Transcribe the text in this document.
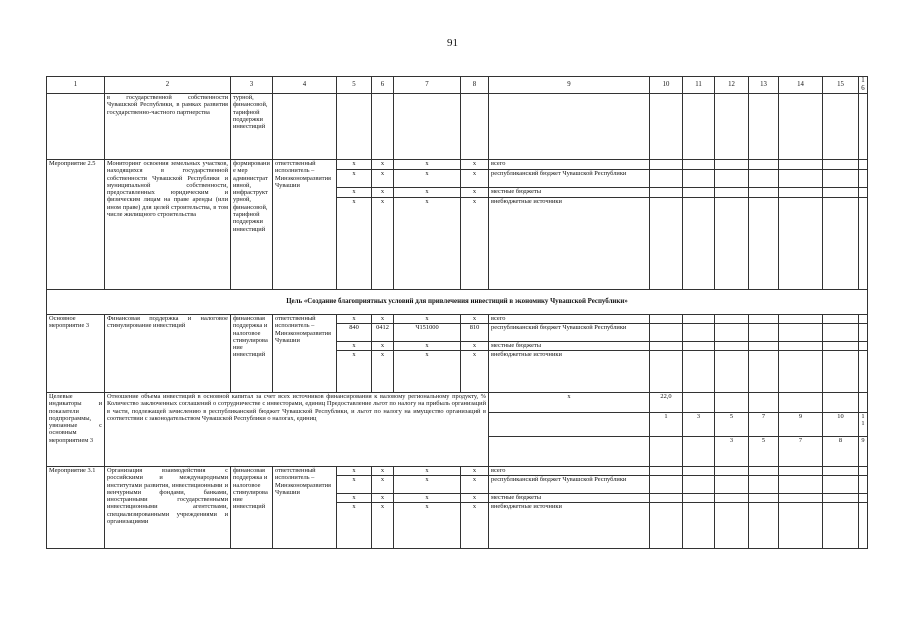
91
1	2	3	4	5	6	7	8	9	10	11	12	13	14	15	16
	в государственной собственности Чувашской Республики, в рамках развития государственно-частного партнерства	турной, финансовой, тарифной поддержки инвестиций													
Мероприятие 2.5	Мониторинг освоения земельных участков, находящихся в государственной собственности Чувашской Республики и муниципальной собственности, предоставленных юридическим и физическим лицам на праве аренды (или ином праве) для целей строительства, в том числе жилищного строительства	формирование мер административной, инфраструктурной, финансовой, тарифной поддержки инвестиций	ответственный исполнитель – Минэкономразвития Чувашии	x	x	x	x	всего							
				x	x	x	x	республиканский бюджет Чувашской Республики							
				x	x	x	x	местные бюджеты							
				x	x	x	x	внебюджетные источники							
Цель «Создание благоприятных условий для привлечения инвестиций в экономику Чувашской Республики»															
Основное мероприятие 3	Финансовая поддержка и налоговое стимулирование инвестиций	финансовая поддержка и налоговое стимулирование инвестиций	ответственный исполнитель – Минэкономразвития Чувашии	x	x	x	x	всего							
				840	0412	Ч151000	810	республиканский бюджет Чувашской Республики							
				x	x	x	x	местные бюджеты							
				x	x	x	x	внебюджетные источники							
Целевые индикаторы и показатели подпрограммы, увязанные с основным мероприятием 3	Отношение объема инвестиций в основной капитал за счет всех источников финансирования к валовому региональному продукту, % Количество заключенных соглашений о сотрудничестве с инвесторами, единиц Предоставление льгот по налогу на прибыль организаций в части, подлежащей зачислению в республиканский бюджет Чувашской Республики, и льгот по налогу на имущество организаций в соответствии с законодательством Чувашской Республики о налогах, единиц							x	22,0						
									1	3	5	7	9	10	11
											3	5	7	8	9
Мероприятие 3.1	Организация взаимодействия с российскими и международными институтами развития, инвестиционными и венчурными фондами, банками, иностранными государственными инвестиционными агентствами, специализированными учреждениями и организациями	финансовая поддержка и налоговое стимулирование инвестиций	ответственный исполнитель – Минэкономразвития Чувашии	x	x	x	x	всего							
				x	x	x	x	республиканский бюджет Чувашской Республики							
				x	x	x	x	местные бюджеты							
				x	x	x	x	внебюджетные источники							
